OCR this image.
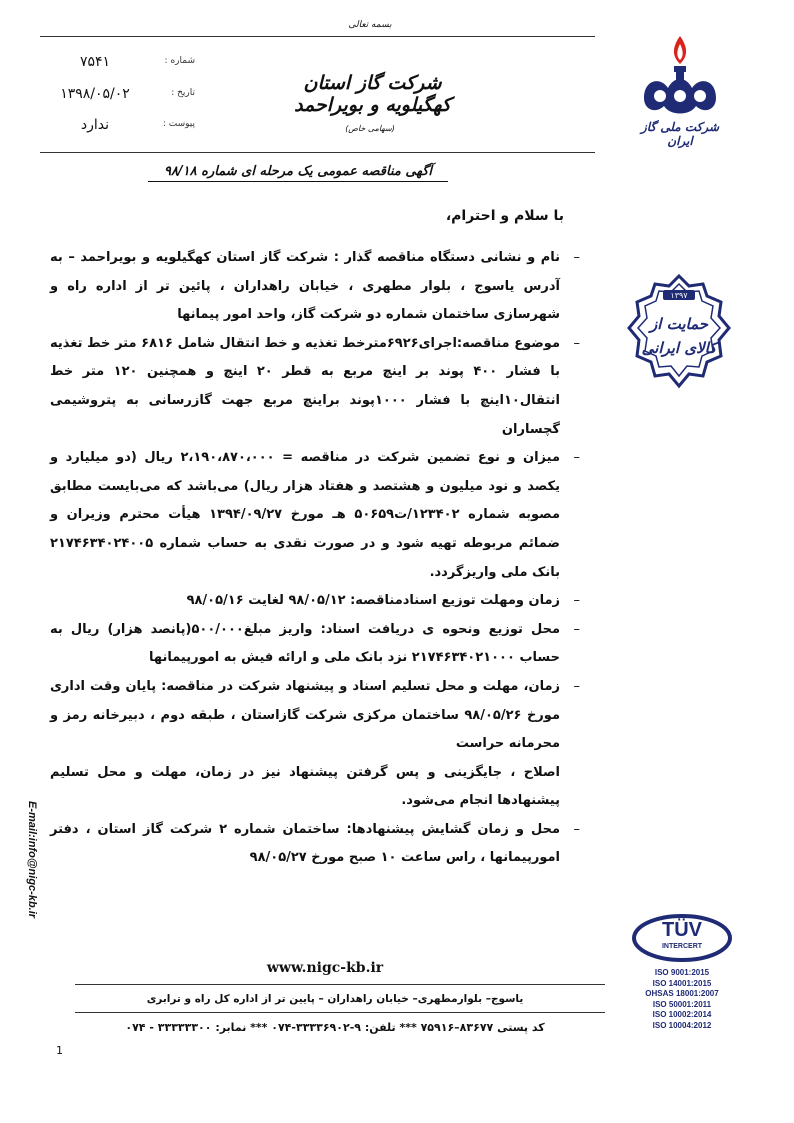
بسمه تعالی
شرکت گاز استان کهگیلویه و بویراحمد
(سهامی خاص)
شماره :
۷۵۴۱
تاریخ :
۱۳۹۸/۰۵/۰۲
پیوست :
ندارد	شرکت ملی گاز ایران
آگهی مناقصه عمومی یک مرحله ای شماره ۹۸/۱۸
با سلام و احترام،

– نام و نشانی دستگاه مناقصه گذار : شرکت گاز استان کهگیلویه و بویراحمد – به آدرس یاسوج ، بلوار مطهری ، خیابان راهداران ، پائین تر از اداره راه و شهرسازی ساختمان شماره دو شرکت گاز، واحد امور پیمانها

– موضوع مناقصه:اجرای۶۹۲۶مترخط تغذیه و خط انتقال شامل ۶۸۱۶ متر خط تغذیه با فشار ۴۰۰ پوند بر اینچ مربع به قطر ۲۰ اینچ و همچنین ۱۲۰ متر خط انتقال۱۰اینچ با فشار ۱۰۰۰پوند براینچ مربع جهت گازرسانی به پتروشیمی گچساران

– میزان و نوع تضمین شرکت در مناقصه = ۲،۱۹۰،۸۷۰،۰۰۰ ریال (دو میلیارد و یکصد و نود میلیون و هشتصد و هفتاد هزار ریال) می‌باشد که می‌بایست مطابق مصوبه شماره ۱۲۳۴۰۲/ت۵۰۶۵۹ هـ مورخ ۱۳۹۴/۰۹/۲۷ هیأت محترم وزیران و ضمائم مربوطه تهیه شود و در صورت نقدی به حساب شماره ۲۱۷۴۶۳۴۰۲۴۰۰۵ بانک ملی واریزگردد.

– زمان ومهلت توزیع اسنادمناقصه: ۹۸/۰۵/۱۲ لغایت ۹۸/۰۵/۱۶

– محل توزیع ونحوه ی دریافت اسناد: واریز مبلغ۵۰۰/۰۰۰(پانصد هزار) ریال به حساب ۲۱۷۴۶۳۴۰۲۱۰۰۰ نزد بانک ملی و ارائه فیش به امورپیمانها

– زمان، مهلت و محل تسلیم اسناد و پیشنهاد شرکت در مناقصه: پایان وقت اداری مورخ ۹۸/۰۵/۲۶ ساختمان مرکزی شرکت گازاستان ، طبقه دوم ، دبیرخانه رمز و محرمانه حراست

اصلاح ، جایگزینی و پس گرفتن پیشنهاد نیز در زمان، مهلت و محل تسلیم پیشنهادها انجام می‌شود.

– محل و زمان گشایش پیشنهادها: ساختمان شماره ۲ شرکت گاز استان ، دفتر امورپیمانها ، راس ساعت ۱۰ صبح مورخ ۹۸/۰۵/۲۷

۱۳۹۷
حمایت از کالای ایرانی
TÜV
INTERCERT
ISO 9001:2015
ISO 14001:2015
OHSAS 18001:2007
ISO 50001:2011
ISO 10002:2014
ISO 10004:2012
E-mail:info@nigc-kb.ir
www.nigc-kb.ir
یاسوج– بلوارمطهری– خیابان راهداران – پایین تر از اداره کل راه و ترابری
کد پستی ۸۳۶۷۷–۷۵۹۱۶ *** تلفن: ۹-۳۳۳۳۶۹۰۲-۰۷۴ *** نمابر: ۳۳۳۳۳۳۰۰ - ۰۷۴
1
